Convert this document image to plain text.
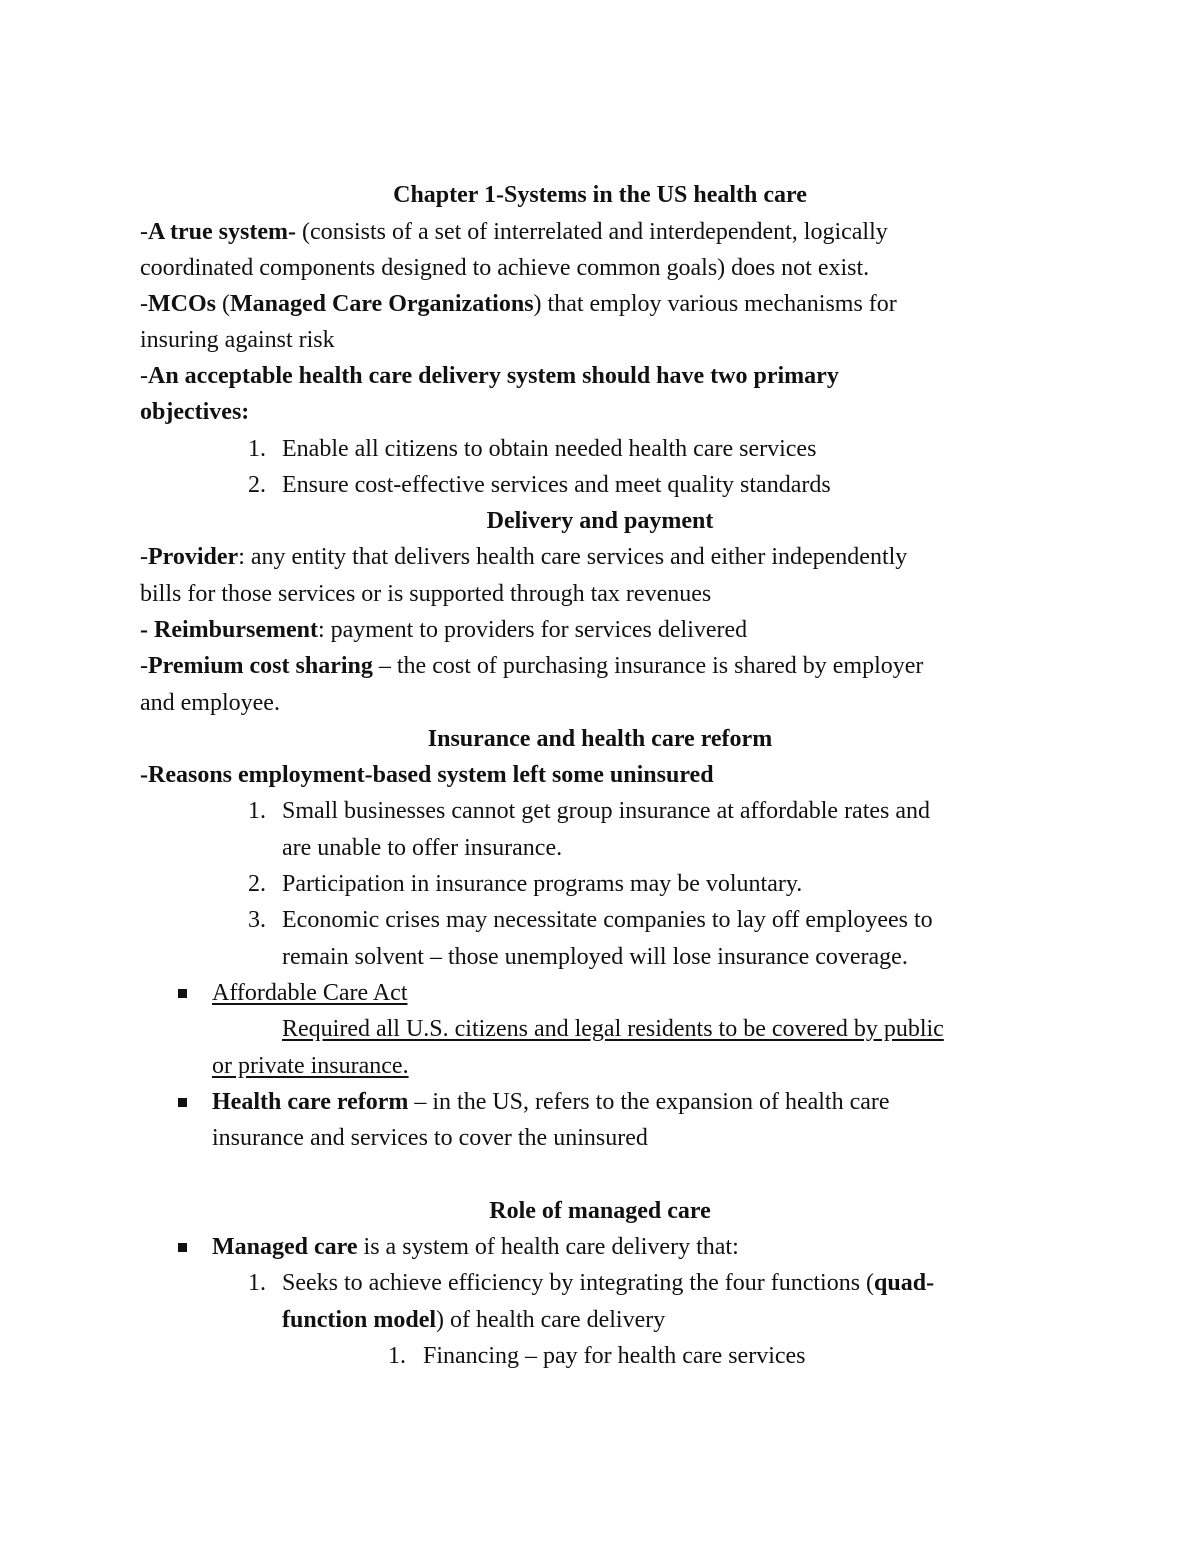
Chapter 1-Systems in the US health care
-A true system- (consists of a set of interrelated and interdependent, logically
coordinated components designed to achieve common goals) does not exist.
-MCOs (Managed Care Organizations) that employ various mechanisms for
insuring against risk
-An acceptable health care delivery system should have two primary
objectives:
1. Enable all citizens to obtain needed health care services
2. Ensure cost-effective services and meet quality standards
Delivery and payment
-Provider: any entity that delivers health care services and either independently
bills for those services or is supported through tax revenues
- Reimbursement: payment to providers for services delivered
-Premium cost sharing – the cost of purchasing insurance is shared by employer
and employee.
Insurance and health care reform
-Reasons employment-based system left some uninsured
1. Small businesses cannot get group insurance at affordable rates and
are unable to offer insurance.
2. Participation in insurance programs may be voluntary.
3. Economic crises may necessitate companies to lay off employees to
remain solvent – those unemployed will lose insurance coverage.
Affordable Care Act
Required all U.S. citizens and legal residents to be covered by public
or private insurance.
Health care reform – in the US, refers to the expansion of health care
insurance and services to cover the uninsured
Role of managed care
Managed care is a system of health care delivery that:
1. Seeks to achieve efficiency by integrating the four functions (quad-
function model) of health care delivery
1. Financing – pay for health care services
